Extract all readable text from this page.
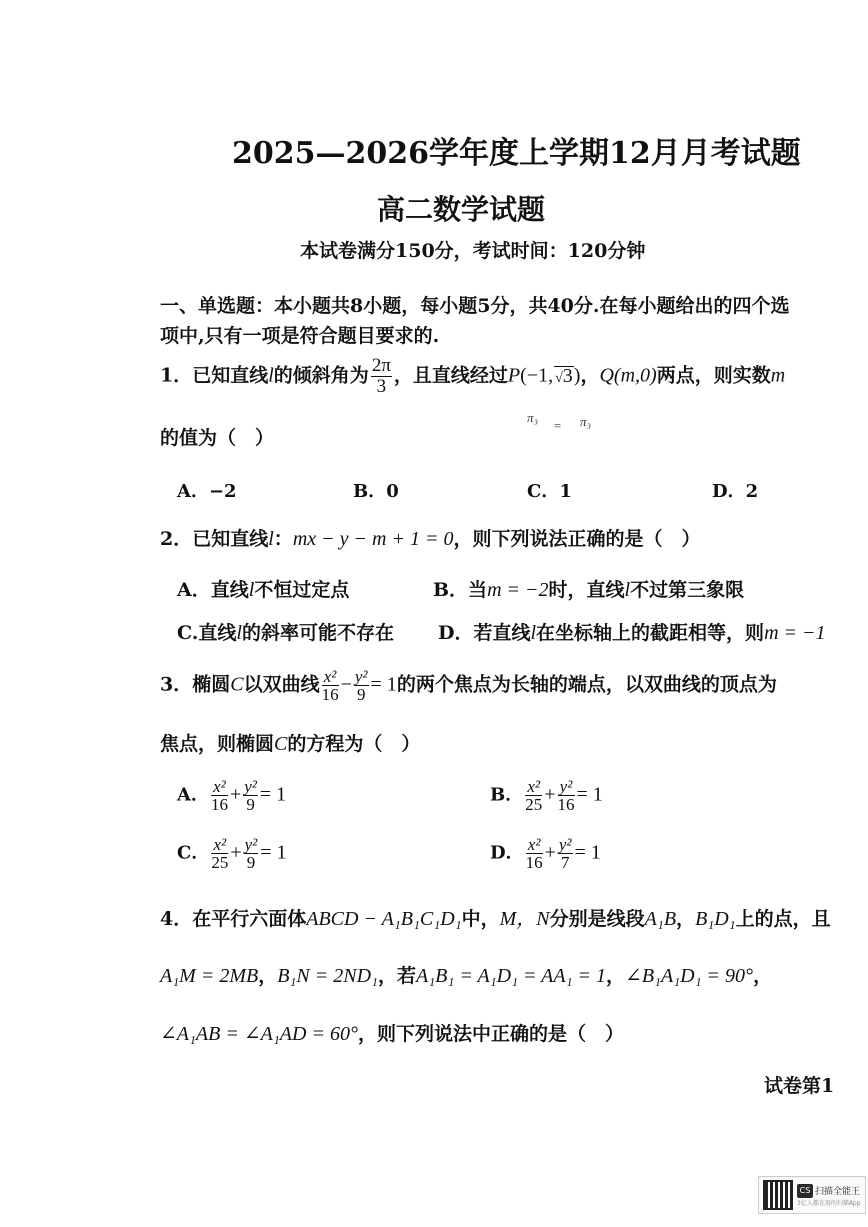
2025—2026学年度上学期12月月考试题
高二数学试题
本试卷满分150分，考试时间：120分钟
一、单选题：本小题共8小题，每小题5分，共40分.在每小题给出的四个选
项中,只有一项是符合题目要求的.
1．已知直线l的倾斜角为 $\frac{2\pi}{3}$ ，且直线经过P(−1, √3)，Q(m,0)两点，则实数m
π₃
= π₃
的值为（　）
A．−2	B．0	C．1	D．2
2．已知直线l：mx − y − m + 1 = 0，则下列说法正确的是（　）
A．直线l不恒过定点	B．当m = −2时，直线l不过第三象限
C.直线l的斜率可能不存在 D．若直线l在坐标轴上的截距相等，则m = −1
3．椭圆C以双曲线 $\frac{\text{x²}}{16} - \frac{\text{y²}}{9} = 1$的两个焦点为长轴的端点，以双曲线的顶点为
焦点，则椭圆C的方程为（　）
A． $\frac{\text{x²}}{16} + \frac{\text{y²}}{9} = 1$	B． $\frac{\text{x²}}{25} + \frac{\text{y²}}{16} = 1$
C． $\frac{\text{x²}}{25} + \frac{\text{y²}}{9} = 1$	D． $\frac{\text{x²}}{16} + \frac{\text{y²}}{7} = 1$
4．在平行六面体ABCD − A₁B₁C₁D₁中，M，N分别是线段A₁B，B₁D₁上的点，且
A₁M = 2MB，B₁N = 2ND₁，若A₁B₁ = A₁D₁ = AA₁ = 1，∠B₁A₁D₁ = 90°，
∠A₁AB = ∠A₁AD = 60°，则下列说法中正确的是（　）
试卷第1
CS 扫描全能王
3亿人都在用的扫描App
